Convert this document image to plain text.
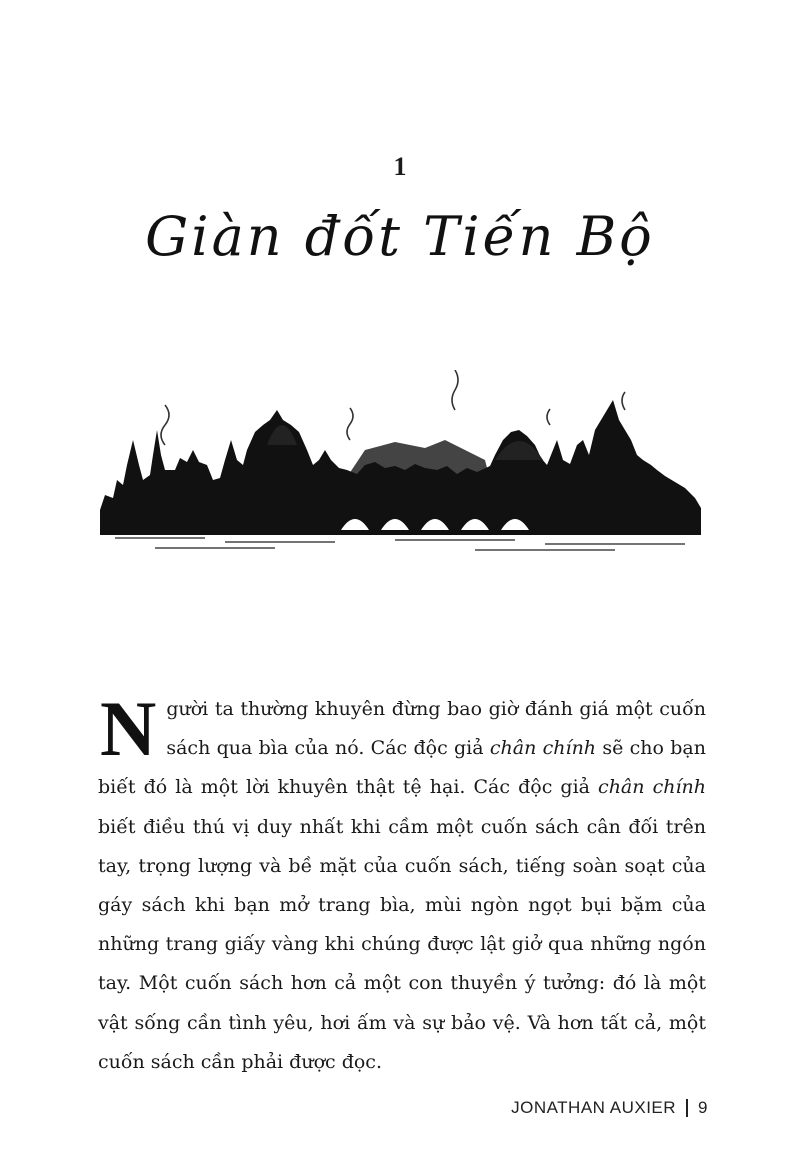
1
Giàn đốt Tiến Bộ

Người ta thường khuyên đừng bao giờ đánh giá một cuốn sách qua bìa của nó. Các độc giả chân chính sẽ cho bạn biết đó là một lời khuyên thật tệ hại. Các độc giả chân chính biết điều thú vị duy nhất khi cầm một cuốn sách cân đối trên tay, trọng lượng và bề mặt của cuốn sách, tiếng soàn soạt của gáy sách khi bạn mở trang bìa, mùi ngòn ngọt bụi bặm của những trang giấy vàng khi chúng được lật giở qua những ngón tay. Một cuốn sách hơn cả một con thuyền ý tưởng: đó là một vật sống cần tình yêu, hơi ấm và sự bảo vệ. Và hơn tất cả, một cuốn sách cần phải được đọc.

JONATHAN AUXIER 9
